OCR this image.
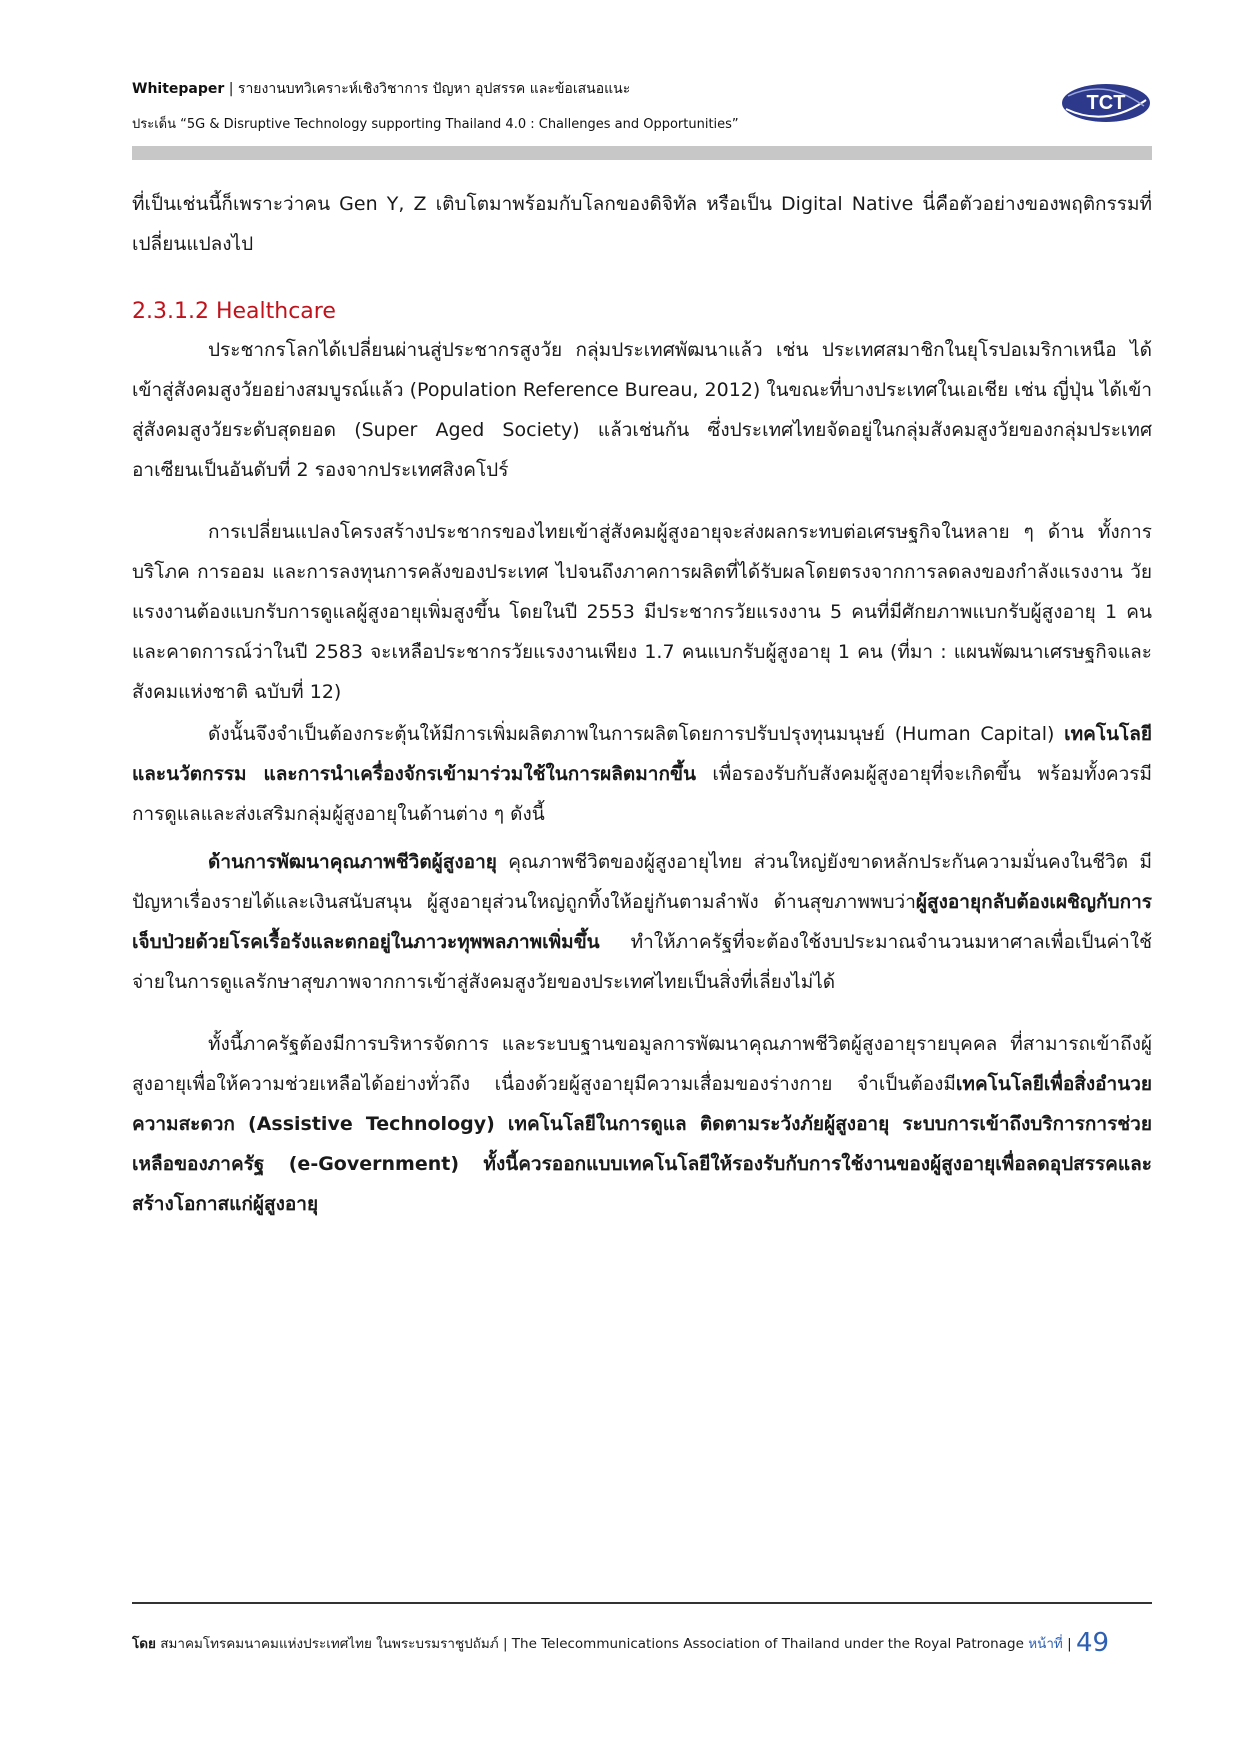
Whitepaper | รายงานบทวิเคราะห์เชิงวิชาการ ปัญหา อุปสรรค และข้อเสนอแนะ
ประเด็น “5G & Disruptive Technology supporting Thailand 4.0 : Challenges and Opportunities”
TCT

ที่เป็นเช่นนี้ก็เพราะว่าคน Gen Y, Z เติบโตมาพร้อมกับโลกของดิจิทัล หรือเป็น Digital Native นี่คือตัวอย่างของพฤติกรรมที่เปลี่ยนแปลงไป

2.3.1.2 Healthcare

ประชากรโลกได้เปลี่ยนผ่านสู่ประชากรสูงวัย กลุ่มประเทศพัฒนาแล้ว เช่น ประเทศสมาชิกในยุโรปอเมริกาเหนือ ได้เข้าสู่สังคมสูงวัยอย่างสมบูรณ์แล้ว (Population Reference Bureau, 2012) ในขณะที่บางประเทศในเอเชีย เช่น ญี่ปุ่น ได้เข้าสู่สังคมสูงวัยระดับสุดยอด (Super Aged Society) แล้วเช่นกัน ซึ่งประเทศไทยจัดอยู่ในกลุ่มสังคมสูงวัยของกลุ่มประเทศอาเซียนเป็นอันดับที่ 2 รองจากประเทศสิงคโปร์

การเปลี่ยนแปลงโครงสร้างประชากรของไทยเข้าสู่สังคมผู้สูงอายุจะส่งผลกระทบต่อเศรษฐกิจในหลาย ๆ ด้าน ทั้งการบริโภค การออม และการลงทุนการคลังของประเทศ ไปจนถึงภาคการผลิตที่ได้รับผลโดยตรงจากการลดลงของกำลังแรงงาน วัยแรงงานต้องแบกรับการดูแลผู้สูงอายุเพิ่มสูงขึ้น โดยในปี 2553 มีประชากรวัยแรงงาน 5 คนที่มีศักยภาพแบกรับผู้สูงอายุ 1 คน และคาดการณ์ว่าในปี 2583 จะเหลือประชากรวัยแรงงานเพียง 1.7 คนแบกรับผู้สูงอายุ 1 คน (ที่มา : แผนพัฒนาเศรษฐกิจและสังคมแห่งชาติ ฉบับที่ 12)

ดังนั้นจึงจำเป็นต้องกระตุ้นให้มีการเพิ่มผลิตภาพในการผลิตโดยการปรับปรุงทุนมนุษย์ (Human Capital) เทคโนโลยีและนวัตกรรม และการนำเครื่องจักรเข้ามาร่วมใช้ในการผลิตมากขึ้น เพื่อรองรับกับสังคมผู้สูงอายุที่จะเกิดขึ้น พร้อมทั้งควรมีการดูแลและส่งเสริมกลุ่มผู้สูงอายุในด้านต่าง ๆ ดังนี้

ด้านการพัฒนาคุณภาพชีวิตผู้สูงอายุ คุณภาพชีวิตของผู้สูงอายุไทย ส่วนใหญ่ยังขาดหลักประกันความมั่นคงในชีวิต มีปัญหาเรื่องรายได้และเงินสนับสนุน ผู้สูงอายุส่วนใหญ่ถูกทิ้งให้อยู่กันตามลำพัง ด้านสุขภาพพบว่าผู้สูงอายุกลับต้องเผชิญกับการเจ็บป่วยด้วยโรคเรื้อรังและตกอยู่ในภาวะทุพพลภาพเพิ่มขึ้น ทำให้ภาครัฐที่จะต้องใช้งบประมาณจำนวนมหาศาลเพื่อเป็นค่าใช้จ่ายในการดูแลรักษาสุขภาพจากการเข้าสู่สังคมสูงวัยของประเทศไทยเป็นสิ่งที่เลี่ยงไม่ได้

ทั้งนี้ภาครัฐต้องมีการบริหารจัดการ และระบบฐานขอมูลการพัฒนาคุณภาพชีวิตผู้สูงอายุรายบุคคล ที่สามารถเข้าถึงผู้สูงอายุเพื่อให้ความช่วยเหลือได้อย่างทั่วถึง เนื่องด้วยผู้สูงอายุมีความเสื่อมของร่างกาย จำเป็นต้องมีเทคโนโลยีเพื่อสิ่งอำนวยความสะดวก (Assistive Technology) เทคโนโลยีในการดูแล ติดตามระวังภัยผู้สูงอายุ ระบบการเข้าถึงบริการการช่วยเหลือของภาครัฐ (e-Government) ทั้งนี้ควรออกแบบเทคโนโลยีให้รองรับกับการใช้งานของผู้สูงอายุเพื่อลดอุปสรรคและสร้างโอกาสแก่ผู้สูงอายุ

โดย สมาคมโทรคมนาคมแห่งประเทศไทย ในพระบรมราชูปถัมภ์ | The Telecommunications Association of Thailand under the Royal Patronage หน้าที่ | 49
